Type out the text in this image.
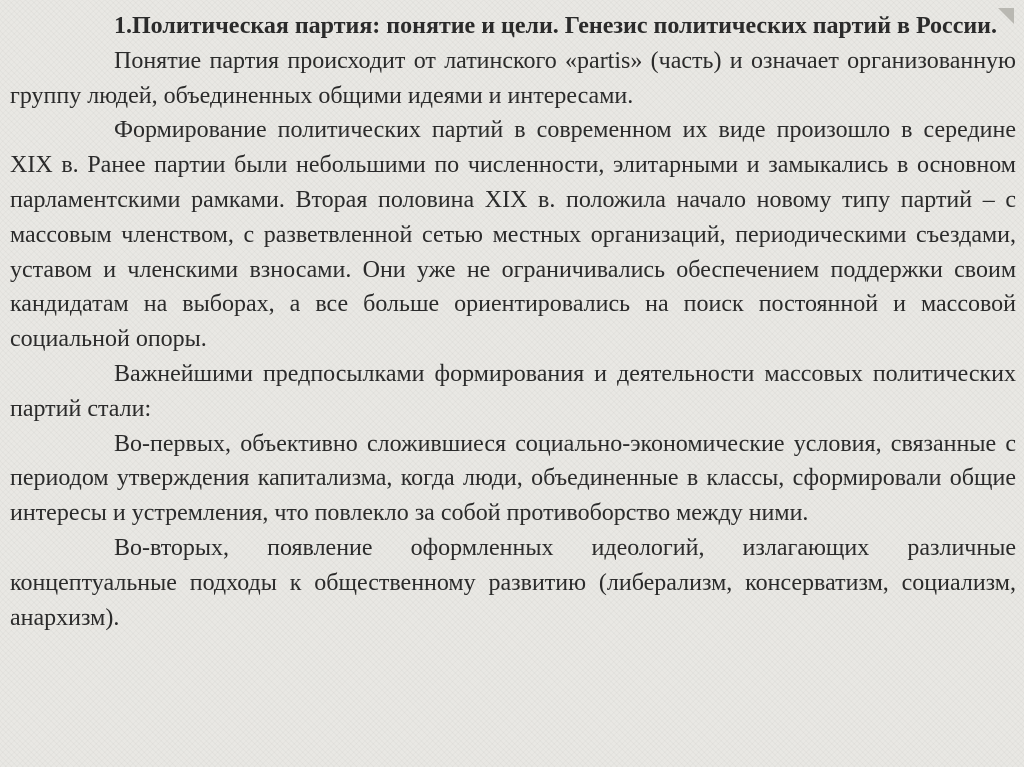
1.Политическая партия: понятие и цели. Генезис политических партий в России.

Понятие партия происходит от латинского «partis» (часть) и означает организованную группу людей, объединенных общими идеями и интересами.

Формирование политических партий в современном их виде произошло в середине XIX в. Ранее партии были небольшими по численности, элитарными и замыкались в основном парламентскими рамками. Вторая половина XIX в. положила начало новому типу партий – с массовым членством, с разветвленной сетью местных организаций, периодическими съездами, уставом и членскими взносами. Они уже не ограничивались обеспечением поддержки своим кандидатам на выборах, а все больше ориентировались на поиск постоянной и массовой социальной опоры.

Важнейшими предпосылками формирования и деятельности массовых политических партий стали:

Во-первых, объективно сложившиеся социально-экономические условия, связанные с периодом утверждения капитализма, когда люди, объединенные в классы, сформировали общие интересы и устремления, что повлекло за собой противоборство между ними.

Во-вторых, появление оформленных идеологий, излагающих различные концептуальные подходы к общественному развитию (либерализм, консерватизм, социализм, анархизм).
